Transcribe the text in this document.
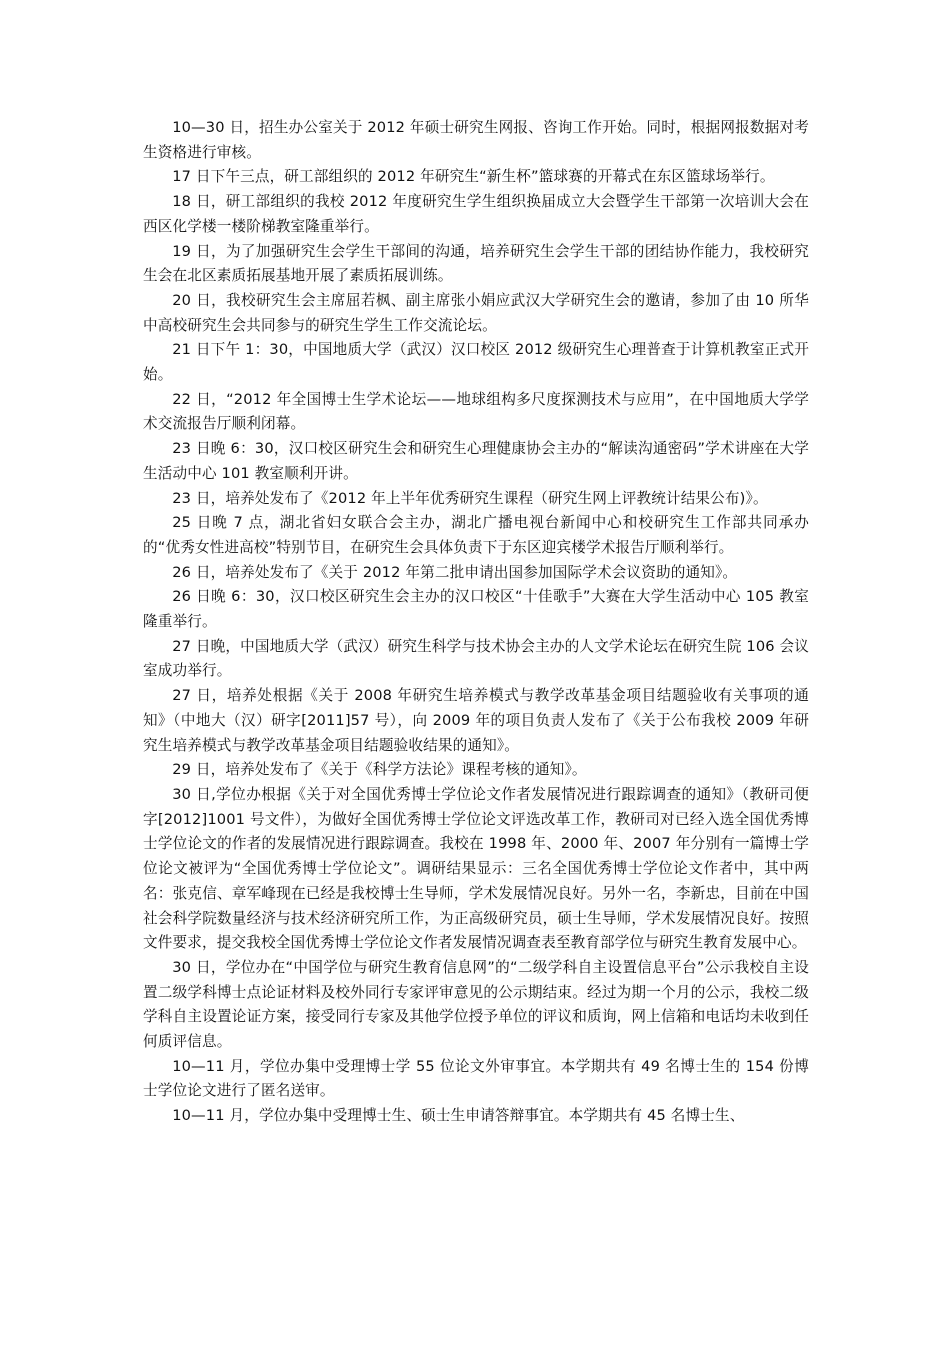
10—30 日，招生办公室关于 2012 年硕士研究生网报、咨询工作开始。同时，根据网报数据对考生资格进行审核。

17 日下午三点，研工部组织的 2012 年研究生“新生杯”篮球赛的开幕式在东区篮球场举行。

18 日，研工部组织的我校 2012 年度研究生学生组织换届成立大会暨学生干部第一次培训大会在西区化学楼一楼阶梯教室隆重举行。

19 日，为了加强研究生会学生干部间的沟通，培养研究生会学生干部的团结协作能力，我校研究生会在北区素质拓展基地开展了素质拓展训练。

20 日，我校研究生会主席屈若枫、副主席张小娟应武汉大学研究生会的邀请，参加了由 10 所华中高校研究生会共同参与的研究生学生工作交流论坛。

21 日下午 1：30，中国地质大学（武汉）汉口校区 2012 级研究生心理普查于计算机教室正式开始。

22 日，“2012 年全国博士生学术论坛——地球组构多尺度探测技术与应用”，在中国地质大学学术交流报告厅顺利闭幕。

23 日晚 6：30，汉口校区研究生会和研究生心理健康协会主办的“解读沟通密码”学术讲座在大学生活动中心 101 教室顺利开讲。

23 日，培养处发布了《2012 年上半年优秀研究生课程（研究生网上评教统计结果公布)》。

25 日晚 7 点，湖北省妇女联合会主办，湖北广播电视台新闻中心和校研究生工作部共同承办的“优秀女性进高校”特别节目，在研究生会具体负责下于东区迎宾楼学术报告厅顺利举行。

26 日，培养处发布了《关于 2012 年第二批申请出国参加国际学术会议资助的通知》。

26 日晚 6：30，汉口校区研究生会主办的汉口校区“十佳歌手”大赛在大学生活动中心 105 教室隆重举行。

27 日晚，中国地质大学（武汉）研究生科学与技术协会主办的人文学术论坛在研究生院 106 会议室成功举行。

27 日，培养处根据《关于 2008 年研究生培养模式与教学改革基金项目结题验收有关事项的通知》（中地大（汉）研字[2011]57 号），向 2009 年的项目负责人发布了《关于公布我校 2009 年研究生培养模式与教学改革基金项目结题验收结果的通知》。

29 日，培养处发布了《关于《科学方法论》课程考核的通知》。

30 日,学位办根据《关于对全国优秀博士学位论文作者发展情况进行跟踪调查的通知》（教研司便字[2012]1001 号文件），为做好全国优秀博士学位论文评选改革工作，教研司对已经入选全国优秀博士学位论文的作者的发展情况进行跟踪调查。我校在 1998 年、2000 年、2007 年分别有一篇博士学位论文被评为“全国优秀博士学位论文”。调研结果显示：三名全国优秀博士学位论文作者中，其中两名：张克信、章军峰现在已经是我校博士生导师，学术发展情况良好。另外一名，李新忠，目前在中国社会科学院数量经济与技术经济研究所工作，为正高级研究员，硕士生导师，学术发展情况良好。按照文件要求，提交我校全国优秀博士学位论文作者发展情况调查表至教育部学位与研究生教育发展中心。

30 日，学位办在“中国学位与研究生教育信息网”的“二级学科自主设置信息平台”公示我校自主设置二级学科博士点论证材料及校外同行专家评审意见的公示期结束。经过为期一个月的公示，我校二级学科自主设置论证方案，接受同行专家及其他学位授予单位的评议和质询，网上信箱和电话均未收到任何质评信息。

10—11 月，学位办集中受理博士学 55 位论文外审事宜。本学期共有 49 名博士生的 154 份博士学位论文进行了匿名送审。

10—11 月，学位办集中受理博士生、硕士生申请答辩事宜。本学期共有 45 名博士生、
